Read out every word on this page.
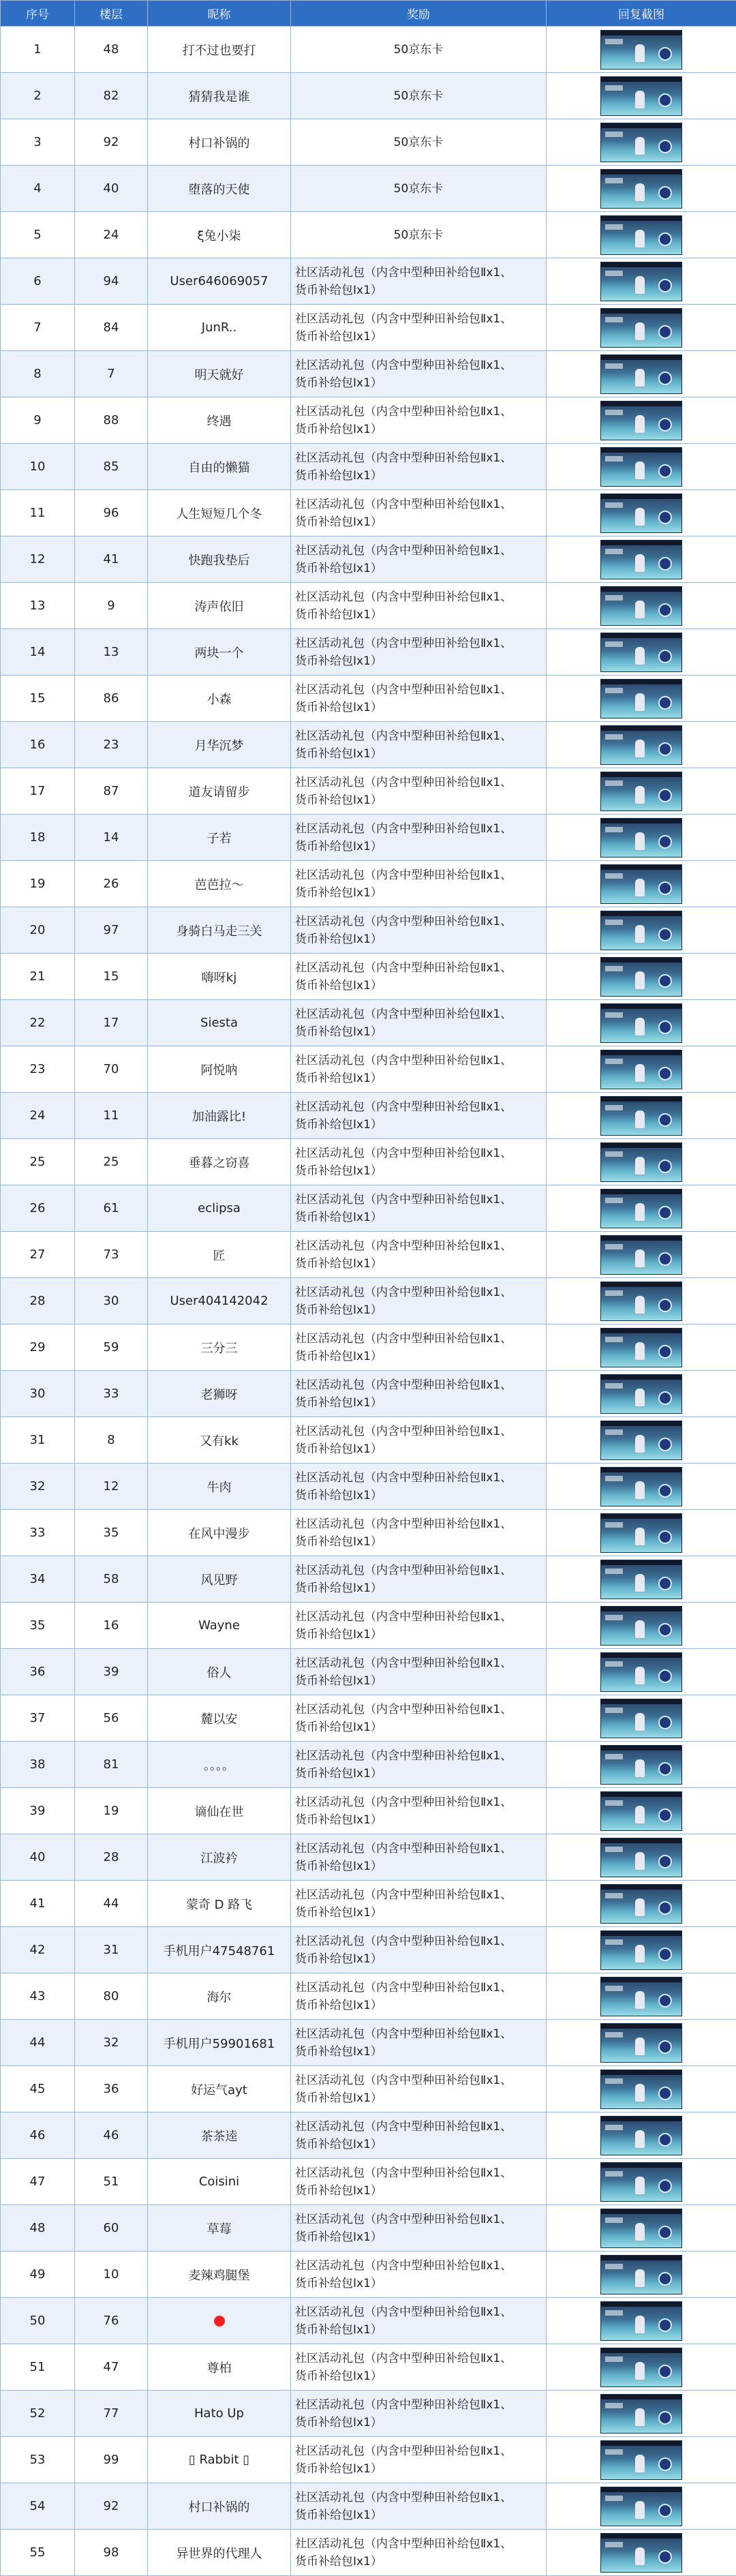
序号	楼层	昵称	奖励	回复截图
1	48	打不过也要打	50京东卡	

2	82	猜猜我是谁	50京东卡	

3	92	村口补锅的	50京东卡	

4	40	堕落的天使	50京东卡	

5	24	ξ兔小柒	50京东卡	

6	94	User646069057	社区活动礼包（内含中型种田补给包Ⅱx1、
货币补给包Ⅰx1）	

7	84	JunR..	社区活动礼包（内含中型种田补给包Ⅱx1、
货币补给包Ⅰx1）	

8	7	明天就好	社区活动礼包（内含中型种田补给包Ⅱx1、
货币补给包Ⅰx1）	

9	88	终遇	社区活动礼包（内含中型种田补给包Ⅱx1、
货币补给包Ⅰx1）	

10	85	自由的懒猫	社区活动礼包（内含中型种田补给包Ⅱx1、
货币补给包Ⅰx1）	

11	96	人生短短几个冬	社区活动礼包（内含中型种田补给包Ⅱx1、
货币补给包Ⅰx1）	

12	41	快跑我垫后	社区活动礼包（内含中型种田补给包Ⅱx1、
货币补给包Ⅰx1）	

13	9	涛声依旧	社区活动礼包（内含中型种田补给包Ⅱx1、
货币补给包Ⅰx1）	

14	13	两块一个	社区活动礼包（内含中型种田补给包Ⅱx1、
货币补给包Ⅰx1）	

15	86	小森	社区活动礼包（内含中型种田补给包Ⅱx1、
货币补给包Ⅰx1）	

16	23	月华沉梦	社区活动礼包（内含中型种田补给包Ⅱx1、
货币补给包Ⅰx1）	

17	87	道友请留步	社区活动礼包（内含中型种田补给包Ⅱx1、
货币补给包Ⅰx1）	

18	14	子若	社区活动礼包（内含中型种田补给包Ⅱx1、
货币补给包Ⅰx1）	

19	26	芭芭拉～	社区活动礼包（内含中型种田补给包Ⅱx1、
货币补给包Ⅰx1）	

20	97	身骑白马走三关	社区活动礼包（内含中型种田补给包Ⅱx1、
货币补给包Ⅰx1）	

21	15	嗨呀kj	社区活动礼包（内含中型种田补给包Ⅱx1、
货币补给包Ⅰx1）	

22	17	Siesta	社区活动礼包（内含中型种田补给包Ⅱx1、
货币补给包Ⅰx1）	

23	70	阿悦呐	社区活动礼包（内含中型种田补给包Ⅱx1、
货币补给包Ⅰx1）	

24	11	加油露比!	社区活动礼包（内含中型种田补给包Ⅱx1、
货币补给包Ⅰx1）	

25	25	垂暮之窃喜	社区活动礼包（内含中型种田补给包Ⅱx1、
货币补给包Ⅰx1）	

26	61	eclipsa	社区活动礼包（内含中型种田补给包Ⅱx1、
货币补给包Ⅰx1）	

27	73	匠	社区活动礼包（内含中型种田补给包Ⅱx1、
货币补给包Ⅰx1）	

28	30	User404142042	社区活动礼包（内含中型种田补给包Ⅱx1、
货币补给包Ⅰx1）	

29	59	三分三	社区活动礼包（内含中型种田补给包Ⅱx1、
货币补给包Ⅰx1）	

30	33	老狮呀	社区活动礼包（内含中型种田补给包Ⅱx1、
货币补给包Ⅰx1）	

31	8	又有kk	社区活动礼包（内含中型种田补给包Ⅱx1、
货币补给包Ⅰx1）	

32	12	牛肉	社区活动礼包（内含中型种田补给包Ⅱx1、
货币补给包Ⅰx1）	

33	35	在风中漫步	社区活动礼包（内含中型种田补给包Ⅱx1、
货币补给包Ⅰx1）	

34	58	风见野	社区活动礼包（内含中型种田补给包Ⅱx1、
货币补给包Ⅰx1）	

35	16	Wayne	社区活动礼包（内含中型种田补给包Ⅱx1、
货币补给包Ⅰx1）	

36	39	俗人	社区活动礼包（内含中型种田补给包Ⅱx1、
货币补给包Ⅰx1）	

37	56	麓以安	社区活动礼包（内含中型种田补给包Ⅱx1、
货币补给包Ⅰx1）	

38	81	。。。。	社区活动礼包（内含中型种田补给包Ⅱx1、
货币补给包Ⅰx1）	

39	19	谪仙在世	社区活动礼包（内含中型种田补给包Ⅱx1、
货币补给包Ⅰx1）	

40	28	江波衿	社区活动礼包（内含中型种田补给包Ⅱx1、
货币补给包Ⅰx1）	

41	44	蒙奇 D 路飞	社区活动礼包（内含中型种田补给包Ⅱx1、
货币补给包Ⅰx1）	

42	31	手机用户47548761	社区活动礼包（内含中型种田补给包Ⅱx1、
货币补给包Ⅰx1）	

43	80	海尔	社区活动礼包（内含中型种田补给包Ⅱx1、
货币补给包Ⅰx1）	

44	32	手机用户59901681	社区活动礼包（内含中型种田补给包Ⅱx1、
货币补给包Ⅰx1）	

45	36	好运气ayt	社区活动礼包（内含中型种田补给包Ⅱx1、
货币补给包Ⅰx1）	

46	46	茶茶逵	社区活动礼包（内含中型种田补给包Ⅱx1、
货币补给包Ⅰx1）	

47	51	Coisini	社区活动礼包（内含中型种田补给包Ⅱx1、
货币补给包Ⅰx1）	

48	60	草莓	社区活动礼包（内含中型种田补给包Ⅱx1、
货币补给包Ⅰx1）	

49	10	麦辣鸡腿堡	社区活动礼包（内含中型种田补给包Ⅱx1、
货币补给包Ⅰx1）	

50	76		社区活动礼包（内含中型种田补给包Ⅱx1、
货币补给包Ⅰx1）	

51	47	尊柏	社区活动礼包（内含中型种田补给包Ⅱx1、
货币补给包Ⅰx1）	

52	77	Hato Up	社区活动礼包（内含中型种田补给包Ⅱx1、
货币补给包Ⅰx1）	

53	99	▯ Rabbit ▯	社区活动礼包（内含中型种田补给包Ⅱx1、
货币补给包Ⅰx1）	

54	92	村口补锅的	社区活动礼包（内含中型种田补给包Ⅱx1、
货币补给包Ⅰx1）	

55	98	异世界的代理人	社区活动礼包（内含中型种田补给包Ⅱx1、
货币补给包Ⅰx1）	
